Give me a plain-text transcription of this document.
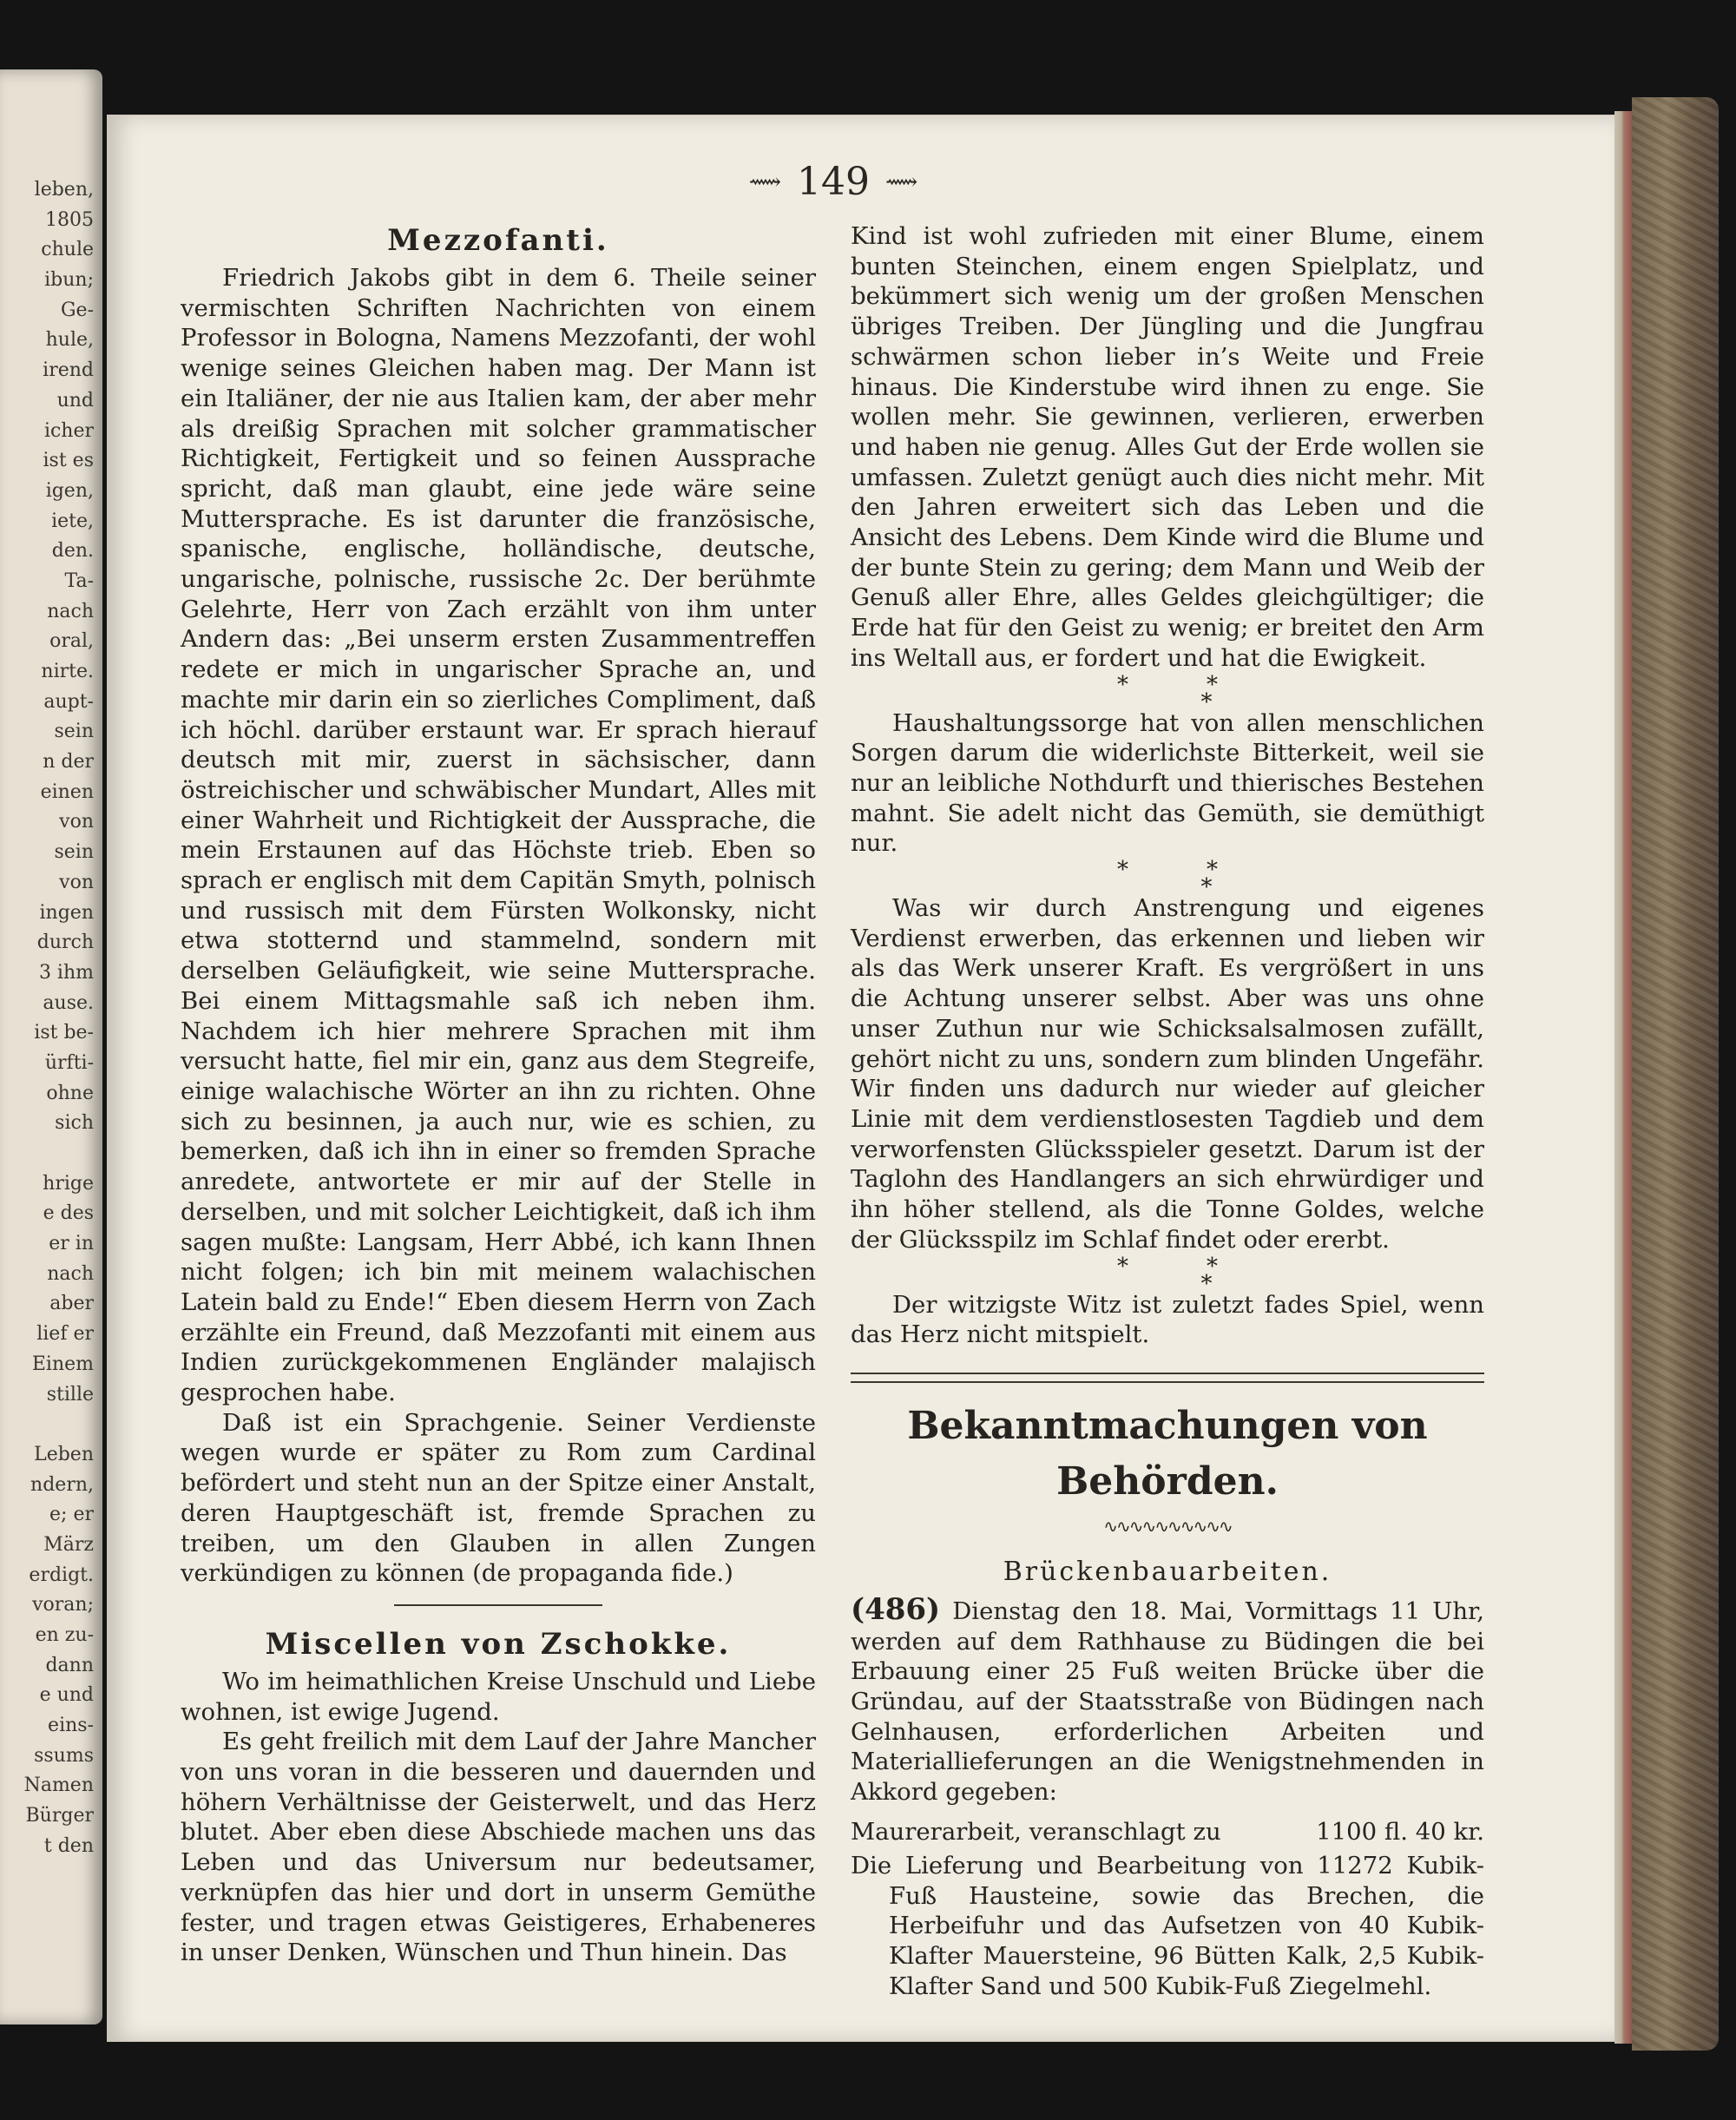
leben,
1805
chule
ibun;
Ge-
hule,
irend
und
icher
ist es
igen,
iete,
den.
Ta-
nach
oral,
nirte.
aupt-
sein
n der
einen
von
sein
von
ingen
durch
3 ihm
ause.
ist be-
ürfti-
ohne
sich
hrige
e des
er in
nach
aber
lief er
Einem
stille
Leben
ndern,
e; er
März
erdigt.
voran;
en zu-
dann
e und
eins-
ssums
Namen
Bürger
t den
⟿ 149 ⟿
Mezzofanti.

Friedrich Jakobs gibt in dem 6. Theile seiner vermischten Schriften Nachrichten von einem Professor in Bologna, Namens Mezzofanti, der wohl wenige seines Gleichen haben mag. Der Mann ist ein Italiäner, der nie aus Italien kam, der aber mehr als dreißig Sprachen mit solcher grammatischer Richtigkeit, Fertigkeit und so feinen Aussprache spricht, daß man glaubt, eine jede wäre seine Muttersprache. Es ist darunter die französische, spanische, englische, holländische, deutsche, ungarische, polnische, russische 2c. Der berühmte Gelehrte, Herr von Zach erzählt von ihm unter Andern das: „Bei unserm ersten Zusammentreffen redete er mich in ungarischer Sprache an, und machte mir darin ein so zierliches Compliment, daß ich höchl. darüber erstaunt war. Er sprach hierauf deutsch mit mir, zuerst in sächsischer, dann östreichischer und schwäbischer Mundart, Alles mit einer Wahrheit und Richtigkeit der Aussprache, die mein Erstaunen auf das Höchste trieb. Eben so sprach er englisch mit dem Capitän Smyth, polnisch und russisch mit dem Fürsten Wolkonsky, nicht etwa stotternd und stammelnd, sondern mit derselben Geläufigkeit, wie seine Muttersprache. Bei einem Mittagsmahle saß ich neben ihm. Nachdem ich hier mehrere Sprachen mit ihm versucht hatte, fiel mir ein, ganz aus dem Stegreife, einige walachische Wörter an ihn zu richten. Ohne sich zu besinnen, ja auch nur, wie es schien, zu bemerken, daß ich ihn in einer so fremden Sprache anredete, antwortete er mir auf der Stelle in derselben, und mit solcher Leichtigkeit, daß ich ihm sagen mußte: Langsam, Herr Abbé, ich kann Ihnen nicht folgen; ich bin mit meinem walachischen Latein bald zu Ende!“ Eben diesem Herrn von Zach erzählte ein Freund, daß Mezzofanti mit einem aus Indien zurückgekommenen Engländer malajisch gesprochen habe.

Daß ist ein Sprachgenie. Seiner Verdienste wegen wurde er später zu Rom zum Cardinal befördert und steht nun an der Spitze einer Anstalt, deren Hauptgeschäft ist, fremde Sprachen zu treiben, um den Glauben in allen Zungen verkündigen zu können (de propaganda fide.)

Miscellen von Zschokke.

Wo im heimathlichen Kreise Unschuld und Liebe wohnen, ist ewige Jugend.

Es geht freilich mit dem Lauf der Jahre Mancher von uns voran in die besseren und dauernden und höhern Verhältnisse der Geisterwelt, und das Herz blutet. Aber eben diese Abschiede machen uns das Leben und das Universum nur bedeutsamer, verknüpfen das hier und dort in unserm Gemüthe fester, und tragen etwas Geistigeres, Erhabeneres in unser Denken, Wünschen und Thun hinein. Das

Kind ist wohl zufrieden mit einer Blume, einem bunten Steinchen, einem engen Spielplatz, und bekümmert sich wenig um der großen Menschen übriges Treiben. Der Jüngling und die Jungfrau schwärmen schon lieber in’s Weite und Freie hinaus. Die Kinderstube wird ihnen zu enge. Sie wollen mehr. Sie gewinnen, verlieren, erwerben und haben nie genug. Alles Gut der Erde wollen sie umfassen. Zuletzt genügt auch dies nicht mehr. Mit den Jahren erweitert sich das Leben und die Ansicht des Lebens. Dem Kinde wird die Blume und der bunte Stein zu gering; dem Mann und Weib der Genuß aller Ehre, alles Geldes gleichgültiger; die Erde hat für den Geist zu wenig; er breitet den Arm ins Weltall aus, er fordert und hat die Ewigkeit.

**
*

Haushaltungssorge hat von allen menschlichen Sorgen darum die widerlichste Bitterkeit, weil sie nur an leibliche Nothdurft und thierisches Bestehen mahnt. Sie adelt nicht das Gemüth, sie demüthigt nur.

**
*

Was wir durch Anstrengung und eigenes Verdienst erwerben, das erkennen und lieben wir als das Werk unserer Kraft. Es vergrößert in uns die Achtung unserer selbst. Aber was uns ohne unser Zuthun nur wie Schicksalsalmosen zufällt, gehört nicht zu uns, sondern zum blinden Ungefähr. Wir finden uns dadurch nur wieder auf gleicher Linie mit dem verdienstlosesten Tagdieb und dem verworfensten Glücksspieler gesetzt. Darum ist der Taglohn des Handlangers an sich ehrwürdiger und ihn höher stellend, als die Tonne Goldes, welche der Glücksspilz im Schlaf findet oder ererbt.

**
*

Der witzigste Witz ist zuletzt fades Spiel, wenn das Herz nicht mitspielt.

Bekanntmachungen von Behörden.
∿∿∿∿∿∿∿∿∿∿
Brückenbauarbeiten.

(486) Dienstag den 18. Mai, Vormittags 11 Uhr, werden auf dem Rathhause zu Büdingen die bei Erbauung einer 25 Fuß weiten Brücke über die Gründau, auf der Staatsstraße von Büdingen nach Gelnhausen, erforderlichen Arbeiten und Materiallieferungen an die Wenigstnehmenden in Akkord gegeben:

Maurerarbeit, veranschlagt zu	1100 fl. 40 kr.

Die Lieferung und Bearbeitung von 11272 Kubik-Fuß Hausteine, sowie das Brechen, die Herbeifuhr und das Aufsetzen von 40 Kubik-Klafter Mauersteine, 96 Bütten Kalk, 2,5 Kubik-Klafter Sand und 500 Kubik-Fuß Ziegelmehl.
